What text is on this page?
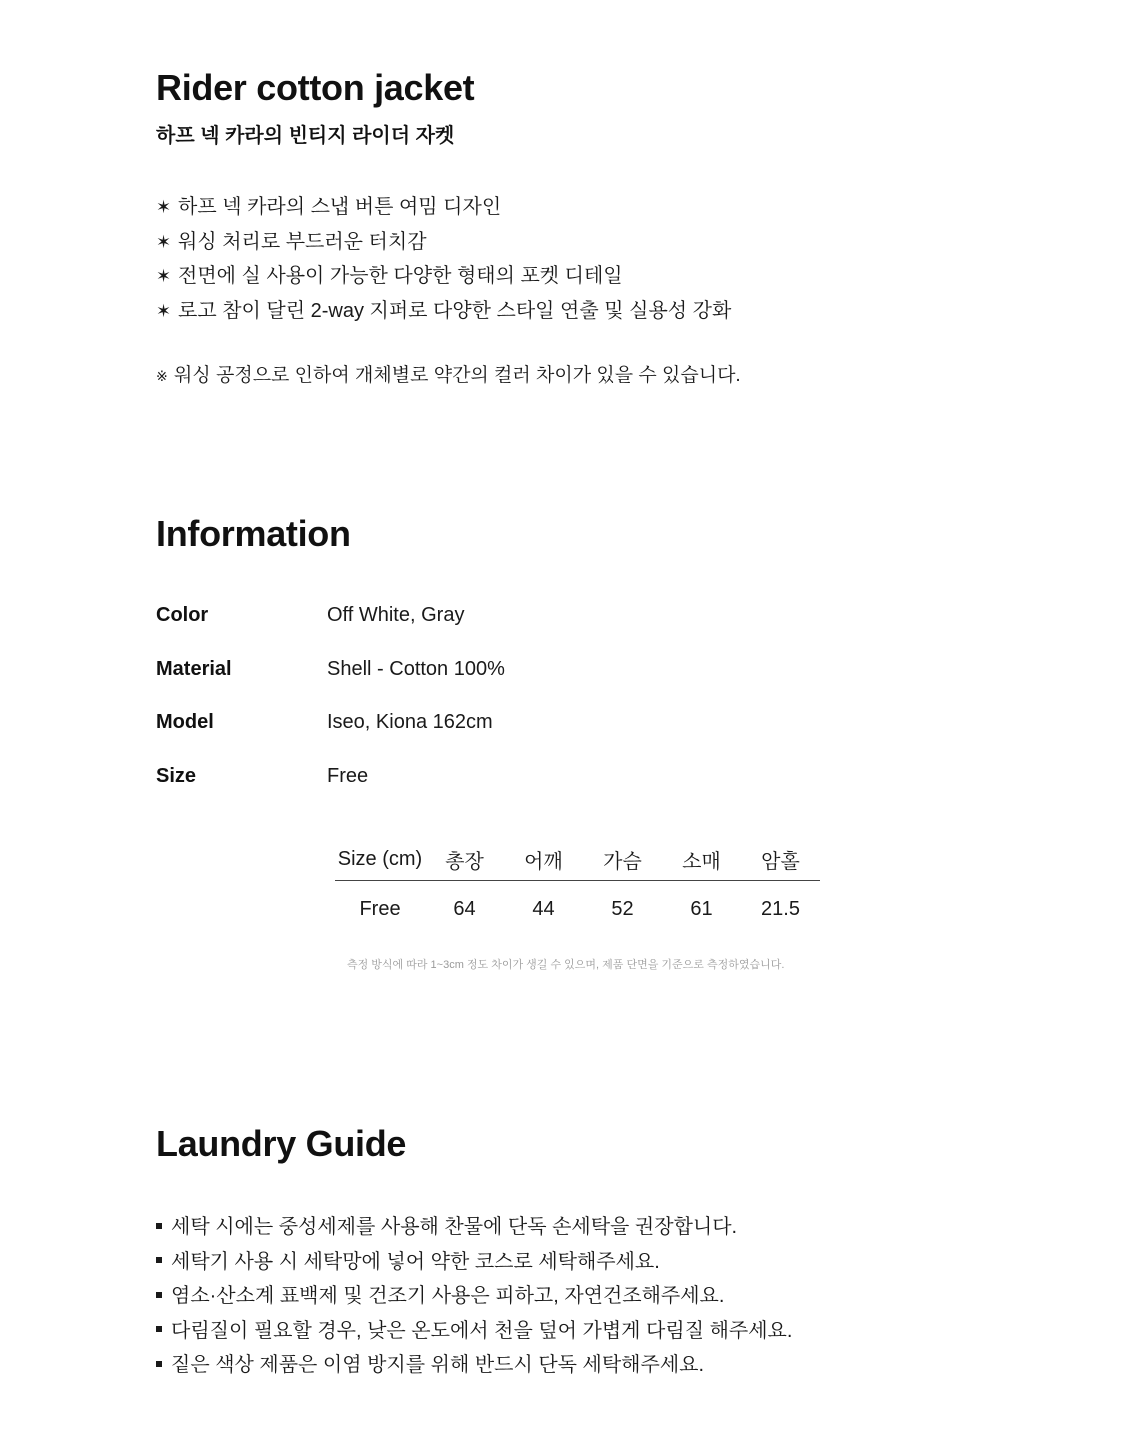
Rider cotton jacket
하프 넥 카라의 빈티지 라이더 자켓
✶ 하프 넥 카라의 스냅 버튼 여밈 디자인
✶ 워싱 처리로 부드러운 터치감
✶ 전면에 실 사용이 가능한 다양한 형태의 포켓 디테일
✶ 로고 참이 달린 2-way 지퍼로 다양한 스타일 연출 및 실용성 강화
※ 워싱 공정으로 인하여 개체별로 약간의 컬러 차이가 있을 수 있습니다.
Information
Color	Off White, Gray
Material	Shell - Cotton 100%
Model	Iseo, Kiona 162cm
Size	Free
Size (cm)	총장	어깨	가슴	소매	암홀
Free	64	44	52	61	21.5
측정 방식에 따라 1~3cm 정도 차이가 생길 수 있으며, 제품 단면을 기준으로 측정하였습니다.
Laundry Guide
세탁 시에는 중성세제를 사용해 찬물에 단독 손세탁을 권장합니다.
세탁기 사용 시 세탁망에 넣어 약한 코스로 세탁해주세요.
염소·산소계 표백제 및 건조기 사용은 피하고, 자연건조해주세요.
다림질이 필요할 경우, 낮은 온도에서 천을 덮어 가볍게 다림질 해주세요.
짙은 색상 제품은 이염 방지를 위해 반드시 단독 세탁해주세요.
